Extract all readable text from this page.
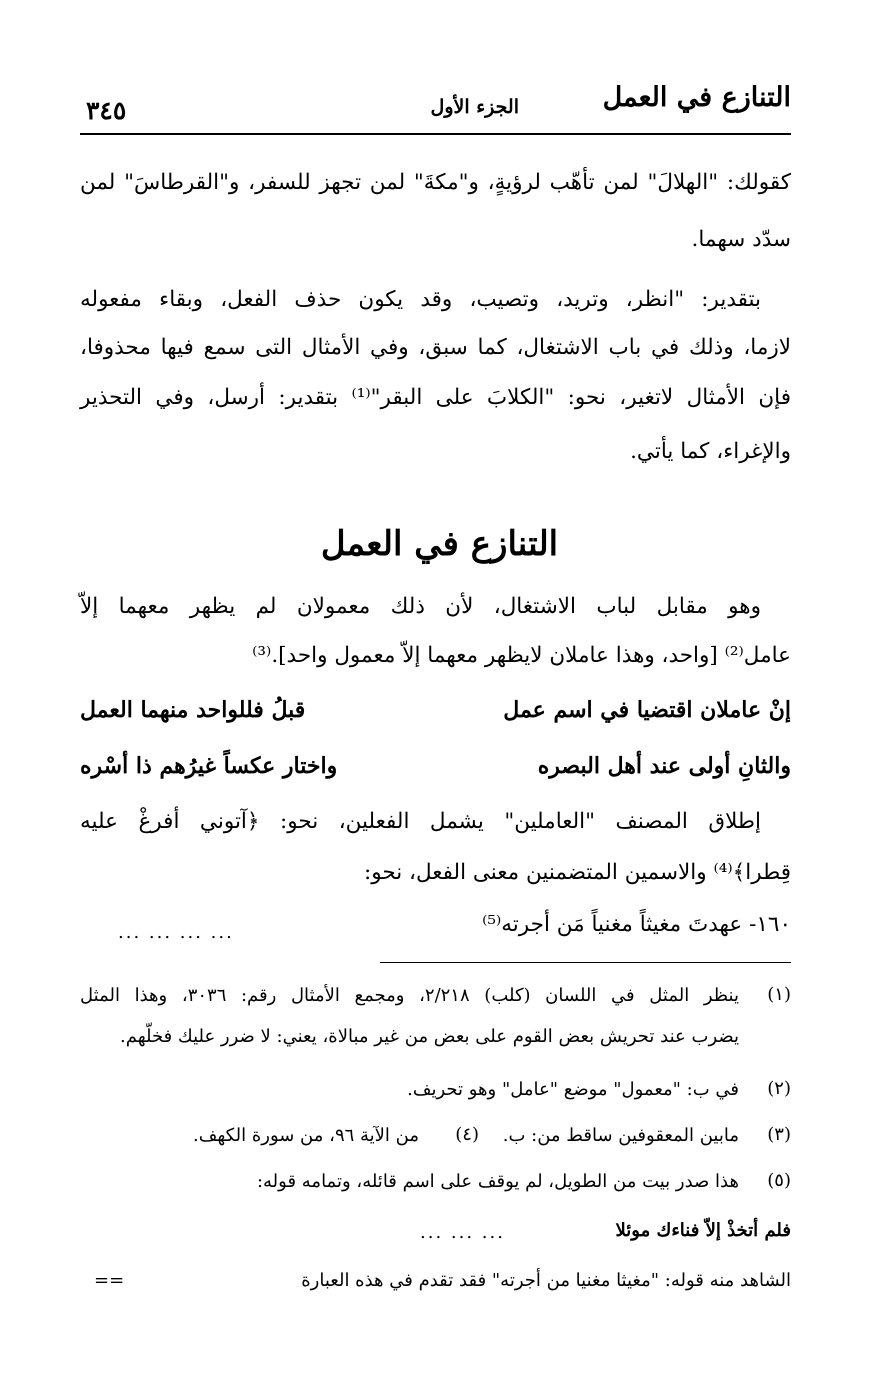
التنازع في العمل
الجزء الأول
٣٤٥
كقولك: "الهلالَ" لمن تأهّب لرؤيةٍ، و"مكةَ" لمن تجهز للسفر، و"القرطاسَ" لمن
سدّد سهما.
بتقدير: "انظر، وتريد، وتصيب، وقد يكون حذف الفعل، وبقاء مفعوله
لازما، وذلك في باب الاشتغال، كما سبق، وفي الأمثال التى سمع فيها محذوفا،
فإن الأمثال لاتغير، نحو: "الكلابَ على البقر"⁽¹⁾ بتقدير: أرسل، وفي التحذير
والإغراء، كما يأتي.
التنازع في العمل
وهو مقابل لباب الاشتغال، لأن ذلك معمولان لم يظهر معهما إلاّ
عامل⁽²⁾ [واحد، وهذا عاملان لايظهر معهما إلاّ معمول واحد].⁽³⁾
إنْ عاملان اقتضيا في اسم عمل
قبلُ فللواحد منهما العمل
والثانِ أولى عند أهل البصره
واختار عكساً غيرُهم ذا أسْره
إطلاق المصنف "العاملين" يشمل الفعلين، نحو: ﴿آتوني أفرغْ عليه
قِطرا﴾⁽⁴⁾ والاسمين المتضمنين معنى الفعل، نحو:
١٦٠- عهدتَ مغيثاً مغنياً مَن أجرته⁽⁵⁾
... ... ... ...
(١)
ينظر المثل في اللسان (كلب) ٢/٢١٨، ومجمع الأمثال رقم: ٣٠٣٦، وهذا المثل
يضرب عند تحريش بعض القوم على بعض من غير مبالاة، يعني: لا ضرر عليك فخلّهم.
(٢)
في ب: "معمول" موضع "عامل" وهو تحريف.
(٣)
مابين المعقوفين ساقط من: ب.
(٤)
من الآية ٩٦، من سورة الكهف.
(٥)
هذا صدر بيت من الطويل، لم يوقف على اسم قائله، وتمامه قوله:
فلم أتخذْ إلاّ فناءك موئلا
... ... ...
الشاهد منه قوله: "مغيثا مغنيا من أجرته" فقد تقدم في هذه العبارة
==
